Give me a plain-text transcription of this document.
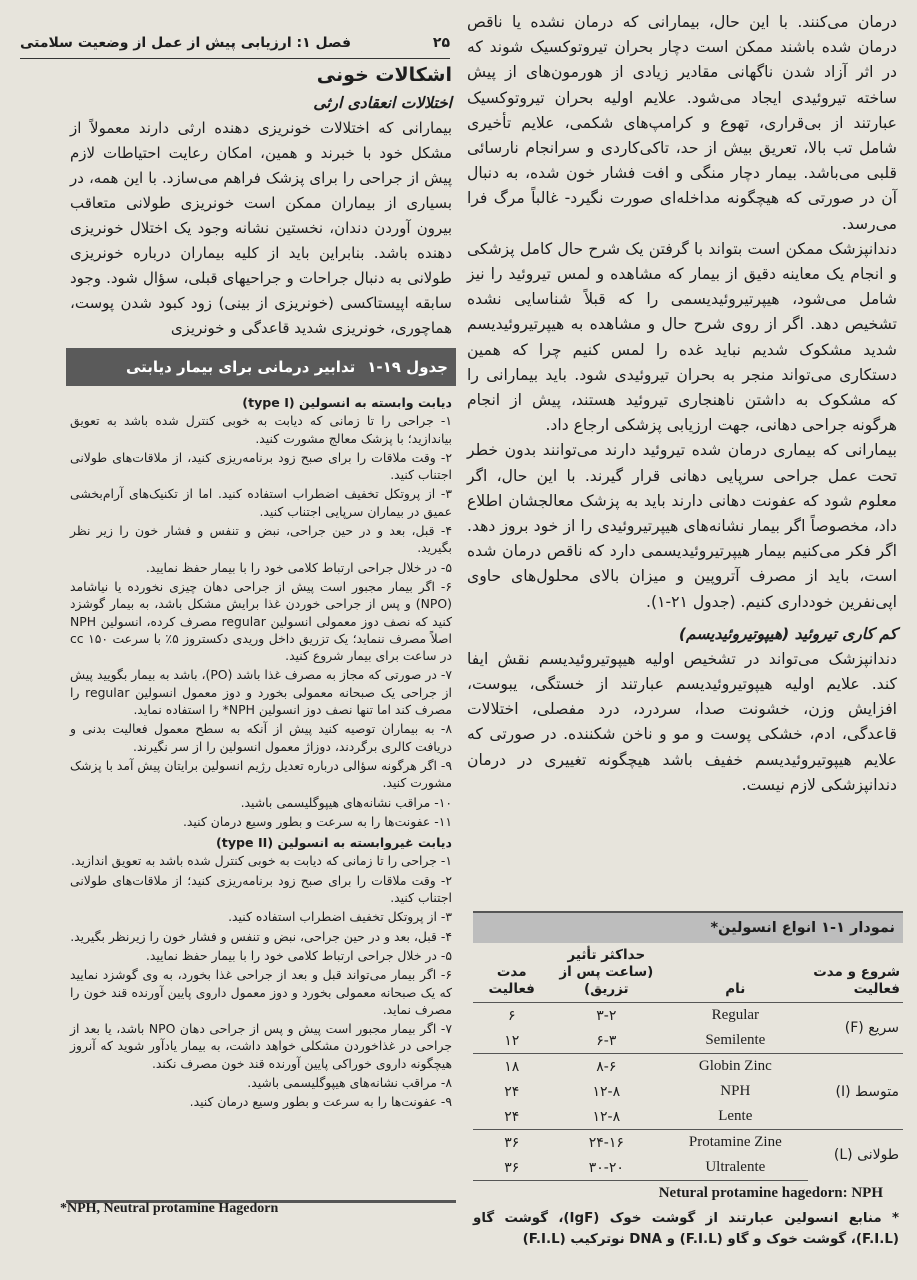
فصل ۱: ارزیابی پیش از عمل از وضعیت سلامتی	۲۵

درمان می‌کنند. با این حال، بیمارانی که درمان نشده یا ناقص درمان شده باشند ممکن است دچار بحران تیروتوکسیک شوند که در اثر آزاد شدن ناگهانی مقادیر زیادی از هورمون‌های از پیش ساخته تیروئیدی ایجاد می‌شود. علایم اولیه بحران تیروتوکسیک عبارتند از بی‌قراری، تهوع و کرامپ‌های شکمی، علایم تأخیری شامل تب بالا، تعریق بیش از حد، تاکی‌کاردی و سرانجام نارسائی قلبی می‌باشد. بیمار دچار منگی و افت فشار خون شده، به دنبال آن در صورتی که هیچگونه مداخله‌ای صورت نگیرد- غالباً مرگ فرا می‌رسد.

دندانپزشک ممکن است بتواند با گرفتن یک شرح حال کامل پزشکی و انجام یک معاینه دقیق از بیمار که مشاهده و لمس تیروئید را نیز شامل می‌شود، هیپرتیروئیدیسمی را که قبلاً شناسایی نشده تشخیص دهد. اگر از روی شرح حال و مشاهده به هیپرتیروئیدیسم شدید مشکوک شدیم نباید غده را لمس کنیم چرا که همین دستکاری می‌تواند منجر به بحران تیروئیدی شود. باید بیمارانی را که مشکوک به داشتن ناهنجاری تیروئید هستند، پیش از انجام هرگونه جراحی دهانی، جهت ارزیابی پزشکی ارجاع داد.

بیمارانی که بیماری درمان شده تیروئید دارند می‌توانند بدون خطر تحت عمل جراحی سرپایی دهانی قرار گیرند. با این حال، اگر معلوم شود که عفونت دهانی دارند باید به پزشک معالجشان اطلاع داد، مخصوصاً اگر بیمار نشانه‌های هیپرتیروئیدی را از خود بروز دهد. اگر فکر می‌کنیم بیمار هیپرتیروئیدیسمی دارد که ناقص درمان شده است، باید از مصرف آتروپین و میزان بالای محلول‌های حاوی اپی‌نفرین خودداری کنیم. (جدول ۲۱-۱).

کم کاری تیروئید (هیپوتیروئیدیسم)

دندانپزشک می‌تواند در تشخیص اولیه هیپوتیروئیدیسم نقش ایفا کند. علایم اولیه هیپوتیروئیدیسم عبارتند از خستگی، یبوست، افزایش وزن، خشونت صدا، سردرد، درد مفصلی، اختلالات قاعدگی، ادم، خشکی پوست و مو و ناخن شکننده. در صورتی که علایم هیپوتیروئیدیسم خفیف باشد هیچگونه تغییری در درمان دندانپزشکی لازم نیست.

اشکالات خونی

اختلالات انعقادی ارثی

بیمارانی که اختلالات خونریزی دهنده ارثی دارند معمولاً از مشکل خود با خبرند و همین، امکان رعایت احتیاطات لازم پیش از جراحی را برای پزشک فراهم می‌سازد. با این همه، در بسیاری از بیماران ممکن است خونریزی طولانی متعاقب بیرون آوردن دندان، نخستین نشانه وجود یک اختلال خونریزی دهنده باشد. بنابراین باید از کلیه بیماران درباره خونریزی طولانی به دنبال جراحات و جراحیهای قبلی، سؤال شود. وجود سابقه اپیستاکسی (خونریزی از بینی) زود کبود شدن پوست، هماچوری، خونریزی شدید قاعدگی و خونریزی

جدول ۱۹-۱
تدابیر درمانی برای بیمار دیابتی
دیابت وابسته به انسولین (type I)

۱- جراحی را تا زمانی که دیابت به خوبی کنترل شده باشد به تعویق بیاندازید؛ با پزشک معالج مشورت کنید.

۲- وقت ملاقات را برای صبح زود برنامه‌ریزی کنید، از ملاقات‌های طولانی اجتناب کنید.

۳- از پروتکل تخفیف اضطراب استفاده کنید. اما از تکنیک‌های آرام‌بخشی عمیق در بیماران سرپایی اجتناب کنید.

۴- قبل، بعد و در حین جراحی، نبض و تنفس و فشار خون را زیر نظر بگیرید.

۵- در خلال جراحی ارتباط کلامی خود را با بیمار حفظ نمایید.

۶- اگر بیمار مجبور است پیش از جراحی دهان چیزی نخورده یا نیاشامد (NPO) و پس از جراحی خوردن غذا برایش مشکل باشد، به بیمار گوشزد کنید که نصف دوز معمولی انسولین regular مصرف کرده، انسولین NPH اصلاً مصرف ننماید؛ یک تزریق داخل وریدی دکستروز ۵٪ با سرعت ۱۵۰ cc در ساعت برای بیمار شروع کنید.

۷- در صورتی که مجاز به مصرف غذا باشد (PO)، باشد به بیمار بگویید پیش از جراحی یک صبحانه معمولی بخورد و دوز معمول انسولین regular را مصرف کند اما تنها نصف دوز انسولین NPH* را استفاده نماید.

۸- به بیماران توصیه کنید پیش از آنکه به سطح معمول فعالیت بدنی و دریافت کالری برگردند، دوزاژ معمول انسولین را از سر نگیرند.

۹- اگر هرگونه سؤالی درباره تعدیل رژیم انسولین برایتان پیش آمد با پزشک مشورت کنید.

۱۰- مراقب نشانه‌های هیپوگلیسمی باشید.

۱۱- عفونت‌ها را به سرعت و بطور وسیع درمان کنید.

دیابت غیروابسته به انسولین (type II)

۱- جراحی را تا زمانی که دیابت به خوبی کنترل شده باشد به تعویق اندازید.

۲- وقت ملاقات را برای صبح زود برنامه‌ریزی کنید؛ از ملاقات‌های طولانی اجتناب کنید.

۳- از پروتکل تخفیف اضطراب استفاده کنید.

۴- قبل، بعد و در حین جراحی، نبض و تنفس و فشار خون را زیرنظر بگیرید.

۵- در خلال جراحی ارتباط کلامی خود را با بیمار حفظ نمایید.

۶- اگر بیمار می‌تواند قبل و بعد از جراحی غذا بخورد، به وی گوشزد نمایید که یک صبحانه معمولی بخورد و دوز معمول داروی پایین آورنده قند خون را مصرف نماید.

۷- اگر بیمار مجبور است پیش و پس از جراحی دهان NPO باشد، یا بعد از جراحی در غذاخوردن مشکلی خواهد داشت، به بیمار یادآور شوید که آنروز هیچگونه داروی خوراکی پایین آورنده قند خون مصرف نکند.

۸- مراقب نشانه‌های هیپوگلیسمی باشید.

۹- عفونت‌ها را به سرعت و بطور وسیع درمان کنید.

*NPH, Neutral protamine Hagedorn
نمودار ۱-۱ انواع انسولین*
شروع و مدت فعالیت	نام	حداکثر تأثیر (ساعت پس از تزریق)	مدت فعالیت
سریع (F)	Regular	۳-۲	۶
	Semilente	۶-۳	۱۲
متوسط (I)	Globin Zinc	۸-۶	۱۸
	NPH	۱۲-۸	۲۴
	Lente	۱۲-۸	۲۴
طولانی (L)	Protamine Zine	۲۴-۱۶	۳۶
	Ultralente	۳۰-۲۰	۳۶
Netural protamine hagedorn: NPH
* منابع انسولین عبارتند از گوشت خوک (IgF)، گوشت گاو (F.I.L)، گوشت خوک و گاو (F.I.L) و DNA نوترکیب (F.I.L)
